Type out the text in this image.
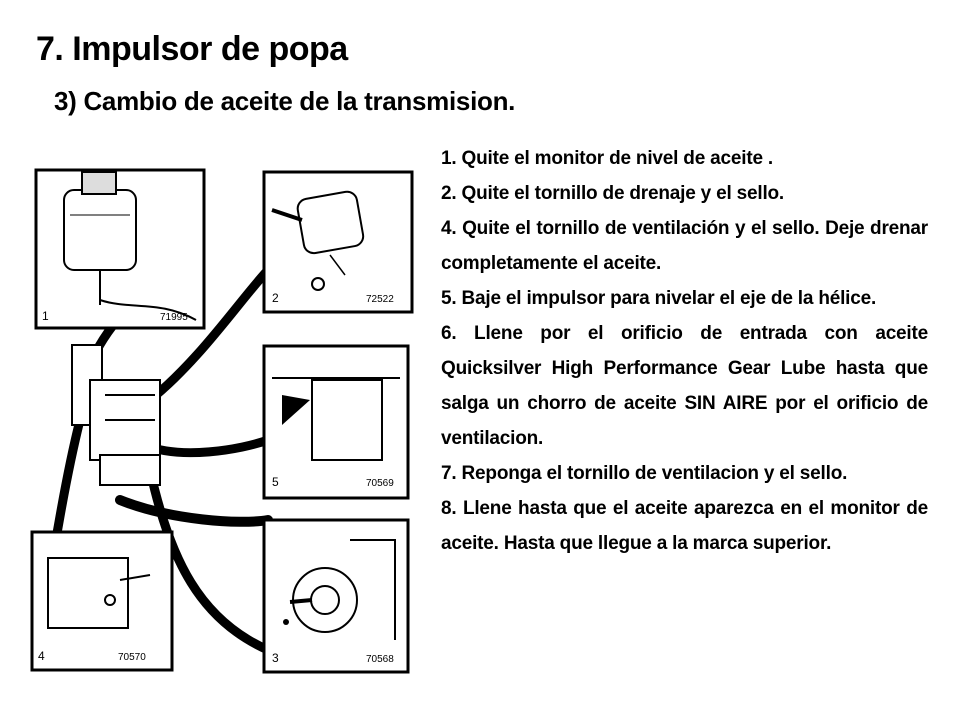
7. Impulsor de popa
3) Cambio de aceite de la transmision.
1. Quite el monitor de nivel de aceite .
2. Quite el tornillo de drenaje y el sello.
4. Quite el tornillo de ventilación y el sello. Deje drenar completamente el aceite.
5. Baje el impulsor para nivelar el eje de la hélice.
6. Llene por el orificio de entrada con aceite Quicksilver High Performance Gear Lube hasta que salga un chorro de aceite SIN AIRE por el orificio de ventilacion.
7. Reponga el tornillo de ventilacion y el sello.
8. Llene hasta que el aceite aparezca en el monitor de aceite. Hasta que llegue a la marca superior.
1	71995
2	72522
5	70569
4	70570	3	70568
